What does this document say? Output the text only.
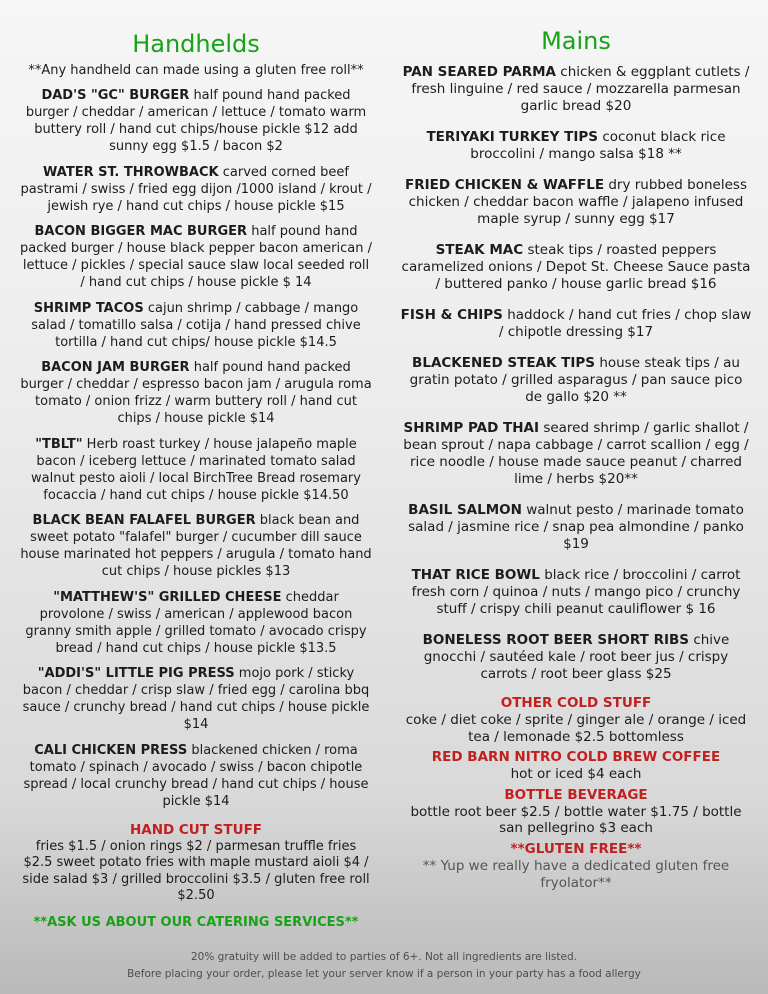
Handhelds

**Any handheld can made using a gluten free roll**

DAD'S "GC" BURGER half pound hand packed burger / cheddar / american / lettuce / tomato warm buttery roll / hand cut chips/house pickle $12 add sunny egg $1.5 / bacon $2

WATER ST. THROWBACK carved corned beef pastrami / swiss / fried egg dijon /1000 island / krout / jewish rye / hand cut chips / house pickle $15

BACON BIGGER MAC BURGER half pound hand packed burger / house black pepper bacon american / lettuce / pickles / special sauce slaw local seeded roll / hand cut chips / house pickle $ 14

SHRIMP TACOS cajun shrimp / cabbage / mango salad / tomatillo salsa / cotija / hand pressed chive tortilla / hand cut chips/ house pickle $14.5

BACON JAM BURGER half pound hand packed burger / cheddar / espresso bacon jam / arugula roma tomato / onion frizz / warm buttery roll / hand cut chips / house pickle $14

"TBLT" Herb roast turkey / house jalapeño maple bacon / iceberg lettuce / marinated tomato salad walnut pesto aioli / local BirchTree Bread rosemary focaccia / hand cut chips / house pickle $14.50

BLACK BEAN FALAFEL BURGER black bean and sweet potato "falafel" burger / cucumber dill sauce house marinated hot peppers / arugula / tomato hand cut chips / house pickles $13

"MATTHEW'S" GRILLED CHEESE cheddar provolone / swiss / american / applewood bacon granny smith apple / grilled tomato / avocado crispy bread / hand cut chips / house pickle $13.5

"ADDI'S" LITTLE PIG PRESS mojo pork / sticky bacon / cheddar / crisp slaw / fried egg / carolina bbq sauce / crunchy bread / hand cut chips / house pickle $14

CALI CHICKEN PRESS blackened chicken / roma tomato / spinach / avocado / swiss / bacon chipotle spread / local crunchy bread / hand cut chips / house pickle $14

HAND CUT STUFF
fries $1.5 / onion rings $2 / parmesan truffle fries $2.5 sweet potato fries with maple mustard aioli $4 / side salad $3 / grilled broccolini $3.5 / gluten free roll $2.50
**ASK US ABOUT OUR CATERING SERVICES**
Mains

PAN SEARED PARMA chicken & eggplant cutlets / fresh linguine / red sauce / mozzarella parmesan garlic bread $20

TERIYAKI TURKEY TIPS coconut black rice broccolini / mango salsa $18 **

FRIED CHICKEN & WAFFLE dry rubbed boneless chicken / cheddar bacon waffle / jalapeno infused maple syrup / sunny egg $17

STEAK MAC steak tips / roasted peppers caramelized onions / Depot St. Cheese Sauce pasta / buttered panko / house garlic bread $16

FISH & CHIPS haddock / hand cut fries / chop slaw / chipotle dressing $17

BLACKENED STEAK TIPS house steak tips / au gratin potato / grilled asparagus / pan sauce pico de gallo $20 **

SHRIMP PAD THAI seared shrimp / garlic shallot / bean sprout / napa cabbage / carrot scallion / egg / rice noodle / house made sauce peanut / charred lime / herbs $20**

BASIL SALMON walnut pesto / marinade tomato salad / jasmine rice / snap pea almondine / panko $19

THAT RICE BOWL black rice / broccolini / carrot fresh corn / quinoa / nuts / mango pico / crunchy stuff / crispy chili peanut cauliflower $ 16

BONELESS ROOT BEER SHORT RIBS chive gnocchi / sautéed kale / root beer jus / crispy carrots / root beer glass $25

OTHER COLD STUFF
coke / diet coke / sprite / ginger ale / orange / iced tea / lemonade $2.5 bottomless
RED BARN NITRO COLD BREW COFFEE
hot or iced $4 each
BOTTLE BEVERAGE
bottle root beer $2.5 / bottle water $1.75 / bottle san pellegrino $3 each
**GLUTEN FREE**
** Yup we really have a dedicated gluten free fryolator**
20% gratuity will be added to parties of 6+. Not all ingredients are listed.
Before placing your order, please let your server know if a person in your party has a food allergy
